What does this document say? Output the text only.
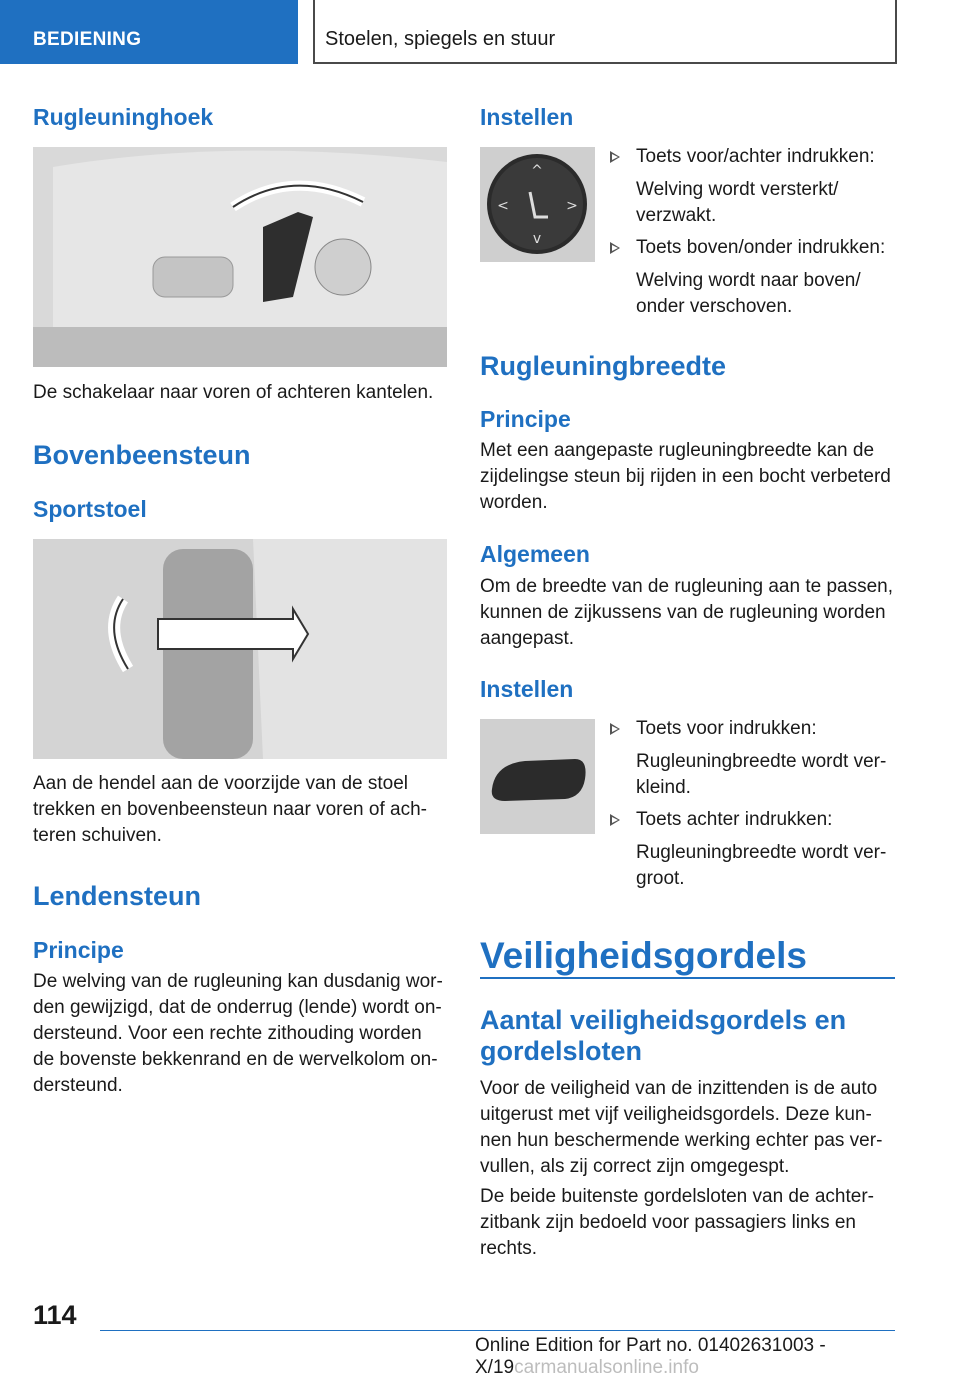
BEDIENING	Stoelen, spiegels en stuur
Rugleuninghoek
De schakelaar naar voren of achteren kantelen.
Bovenbeensteun
Sportstoel
Aan de hendel aan de voorzijde van de stoel
trekken en bovenbeensteun naar voren of ach-
teren schuiven.
Lendensteun
Principe
De welving van de rugleuning kan dusdanig wor-
den gewijzigd, dat de onderrug (lende) wordt on-
dersteund. Voor een rechte zithouding worden
de bovenste bekkenrand en de wervelkolom on-
dersteund.
Instellen
^
v
<	>
Toets voor/achter indrukken:
Welving wordt versterkt/
verzwakt.
Toets boven/onder indrukken:
Welving wordt naar boven/
onder verschoven.
Rugleuningbreedte
Principe
Met een aangepaste rugleuningbreedte kan de
zijdelingse steun bij rijden in een bocht verbeterd
worden.
Algemeen
Om de breedte van de rugleuning aan te passen,
kunnen de zijkussens van de rugleuning worden
aangepast.
Instellen
Toets voor indrukken:
Rugleuningbreedte wordt ver-
kleind.
Toets achter indrukken:
Rugleuningbreedte wordt ver-
groot.
Veiligheidsgordels
Aantal veiligheidsgordels en
gordelsloten
Voor de veiligheid van de inzittenden is de auto
uitgerust met vijf veiligheidsgordels. Deze kun-
nen hun beschermende werking echter pas ver-
vullen, als zij correct zijn omgegespt.
De beide buitenste gordelsloten van de achter-
zitbank zijn bedoeld voor passagiers links en
rechts.
114
Online Edition for Part no. 01402631003 - X/19carmanualsonline.info
